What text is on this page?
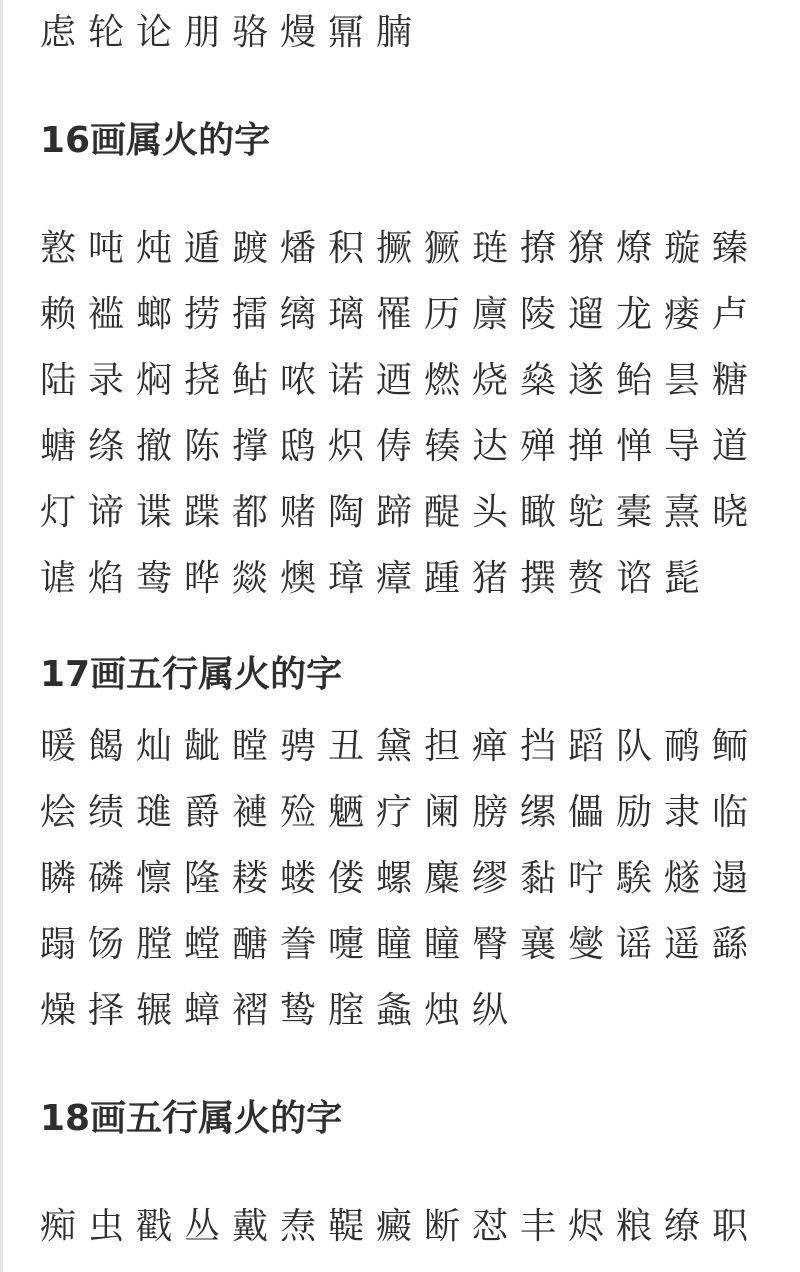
虑轮论朋骆熳鼏腩

16画属火的字

憝吨炖遁踱燔积撅獗琏撩獠燎璇臻

赖褴螂捞擂缡璃罹历廪陵遛龙瘘卢

陆录焖挠鲇哝诺迺燃烧燊遂鲐昙糖

螗绦撤陈撑鸱炽俦辏达殚掸惮导道

灯谛谍蹀都赌陶蹄醍头瞰鸵橐熹晓

谑焰鸯晔燚燠璋瘴踵猪撰赘谘髭

17画五行属火的字

暖餲灿龇瞠骋丑黛担瘅挡蹈队鸸鲕

烩绩璡爵褳殓魉疗阑膀缧儡励隶临

瞵磷懔隆耧蝼偻螺麋缪黏咛騃燧遢

蹋饧膛螳醣誊嚏瞳瞳臀襄燮谣遥繇

燥择辗蟑褶鸷腟螽烛纵

18画五行属火的字

痴虫戳丛戴焘鞮癜断怼丰烬粮缭职
